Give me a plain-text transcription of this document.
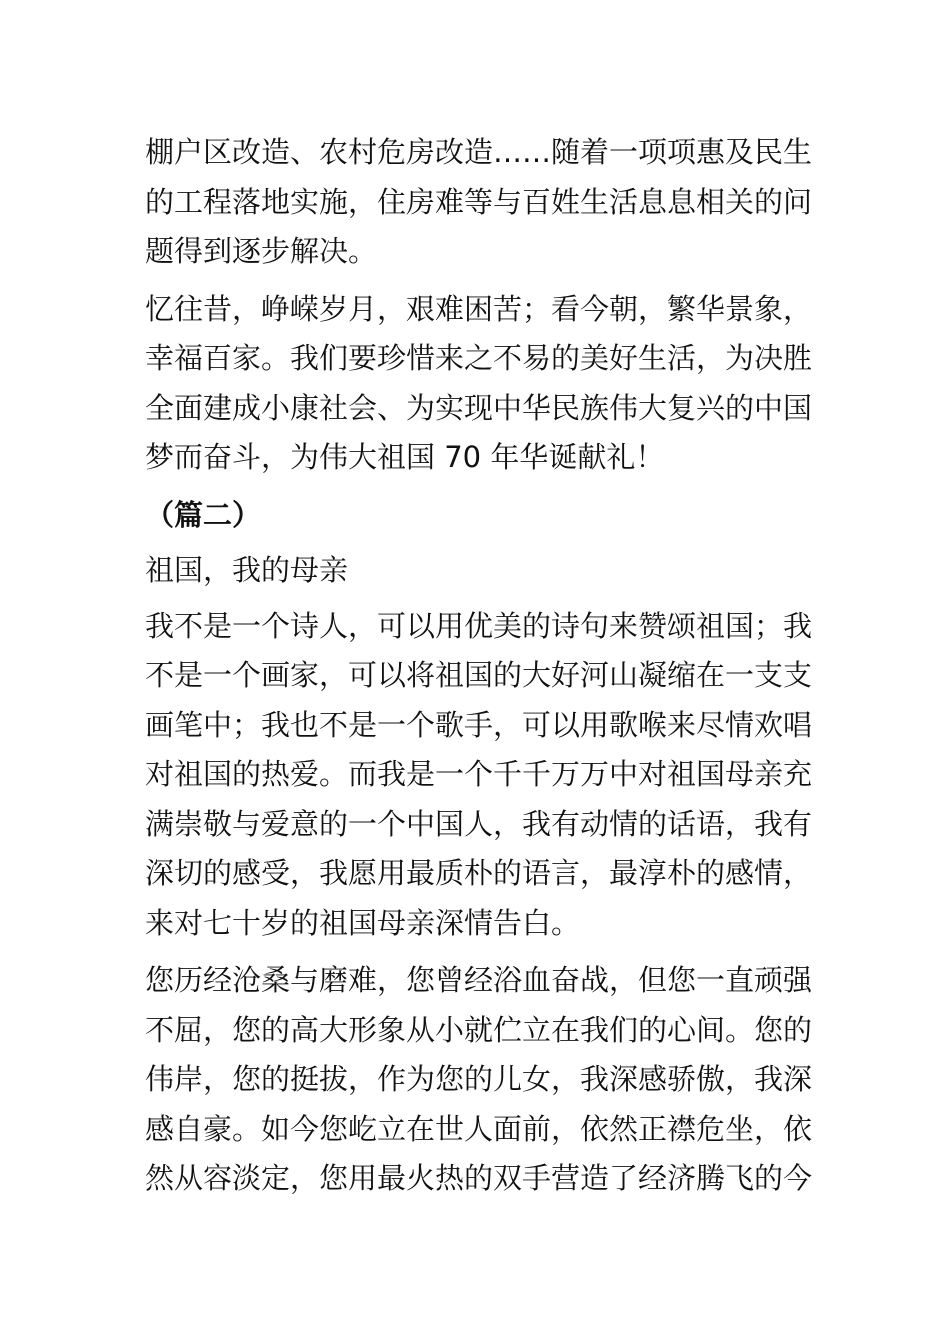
棚户区改造、农村危房改造……随着一项项惠及民生
的工程落地实施，住房难等与百姓生活息息相关的问
题得到逐步解决。
忆往昔，峥嵘岁月，艰难困苦；看今朝，繁华景象，
幸福百家。我们要珍惜来之不易的美好生活，为决胜
全面建成小康社会、为实现中华民族伟大复兴的中国
梦而奋斗，为伟大祖国 70 年华诞献礼！
（篇二）
祖国，我的母亲
我不是一个诗人，可以用优美的诗句来赞颂祖国；我
不是一个画家，可以将祖国的大好河山凝缩在一支支
画笔中；我也不是一个歌手，可以用歌喉来尽情欢唱
对祖国的热爱。而我是一个千千万万中对祖国母亲充
满崇敬与爱意的一个中国人，我有动情的话语，我有
深切的感受，我愿用最质朴的语言，最淳朴的感情，
来对七十岁的祖国母亲深情告白。
您历经沧桑与磨难，您曾经浴血奋战，但您一直顽强
不屈，您的高大形象从小就伫立在我们的心间。您的
伟岸，您的挺拔，作为您的儿女，我深感骄傲，我深
感自豪。如今您屹立在世人面前，依然正襟危坐，依
然从容淡定，您用最火热的双手营造了经济腾飞的今
